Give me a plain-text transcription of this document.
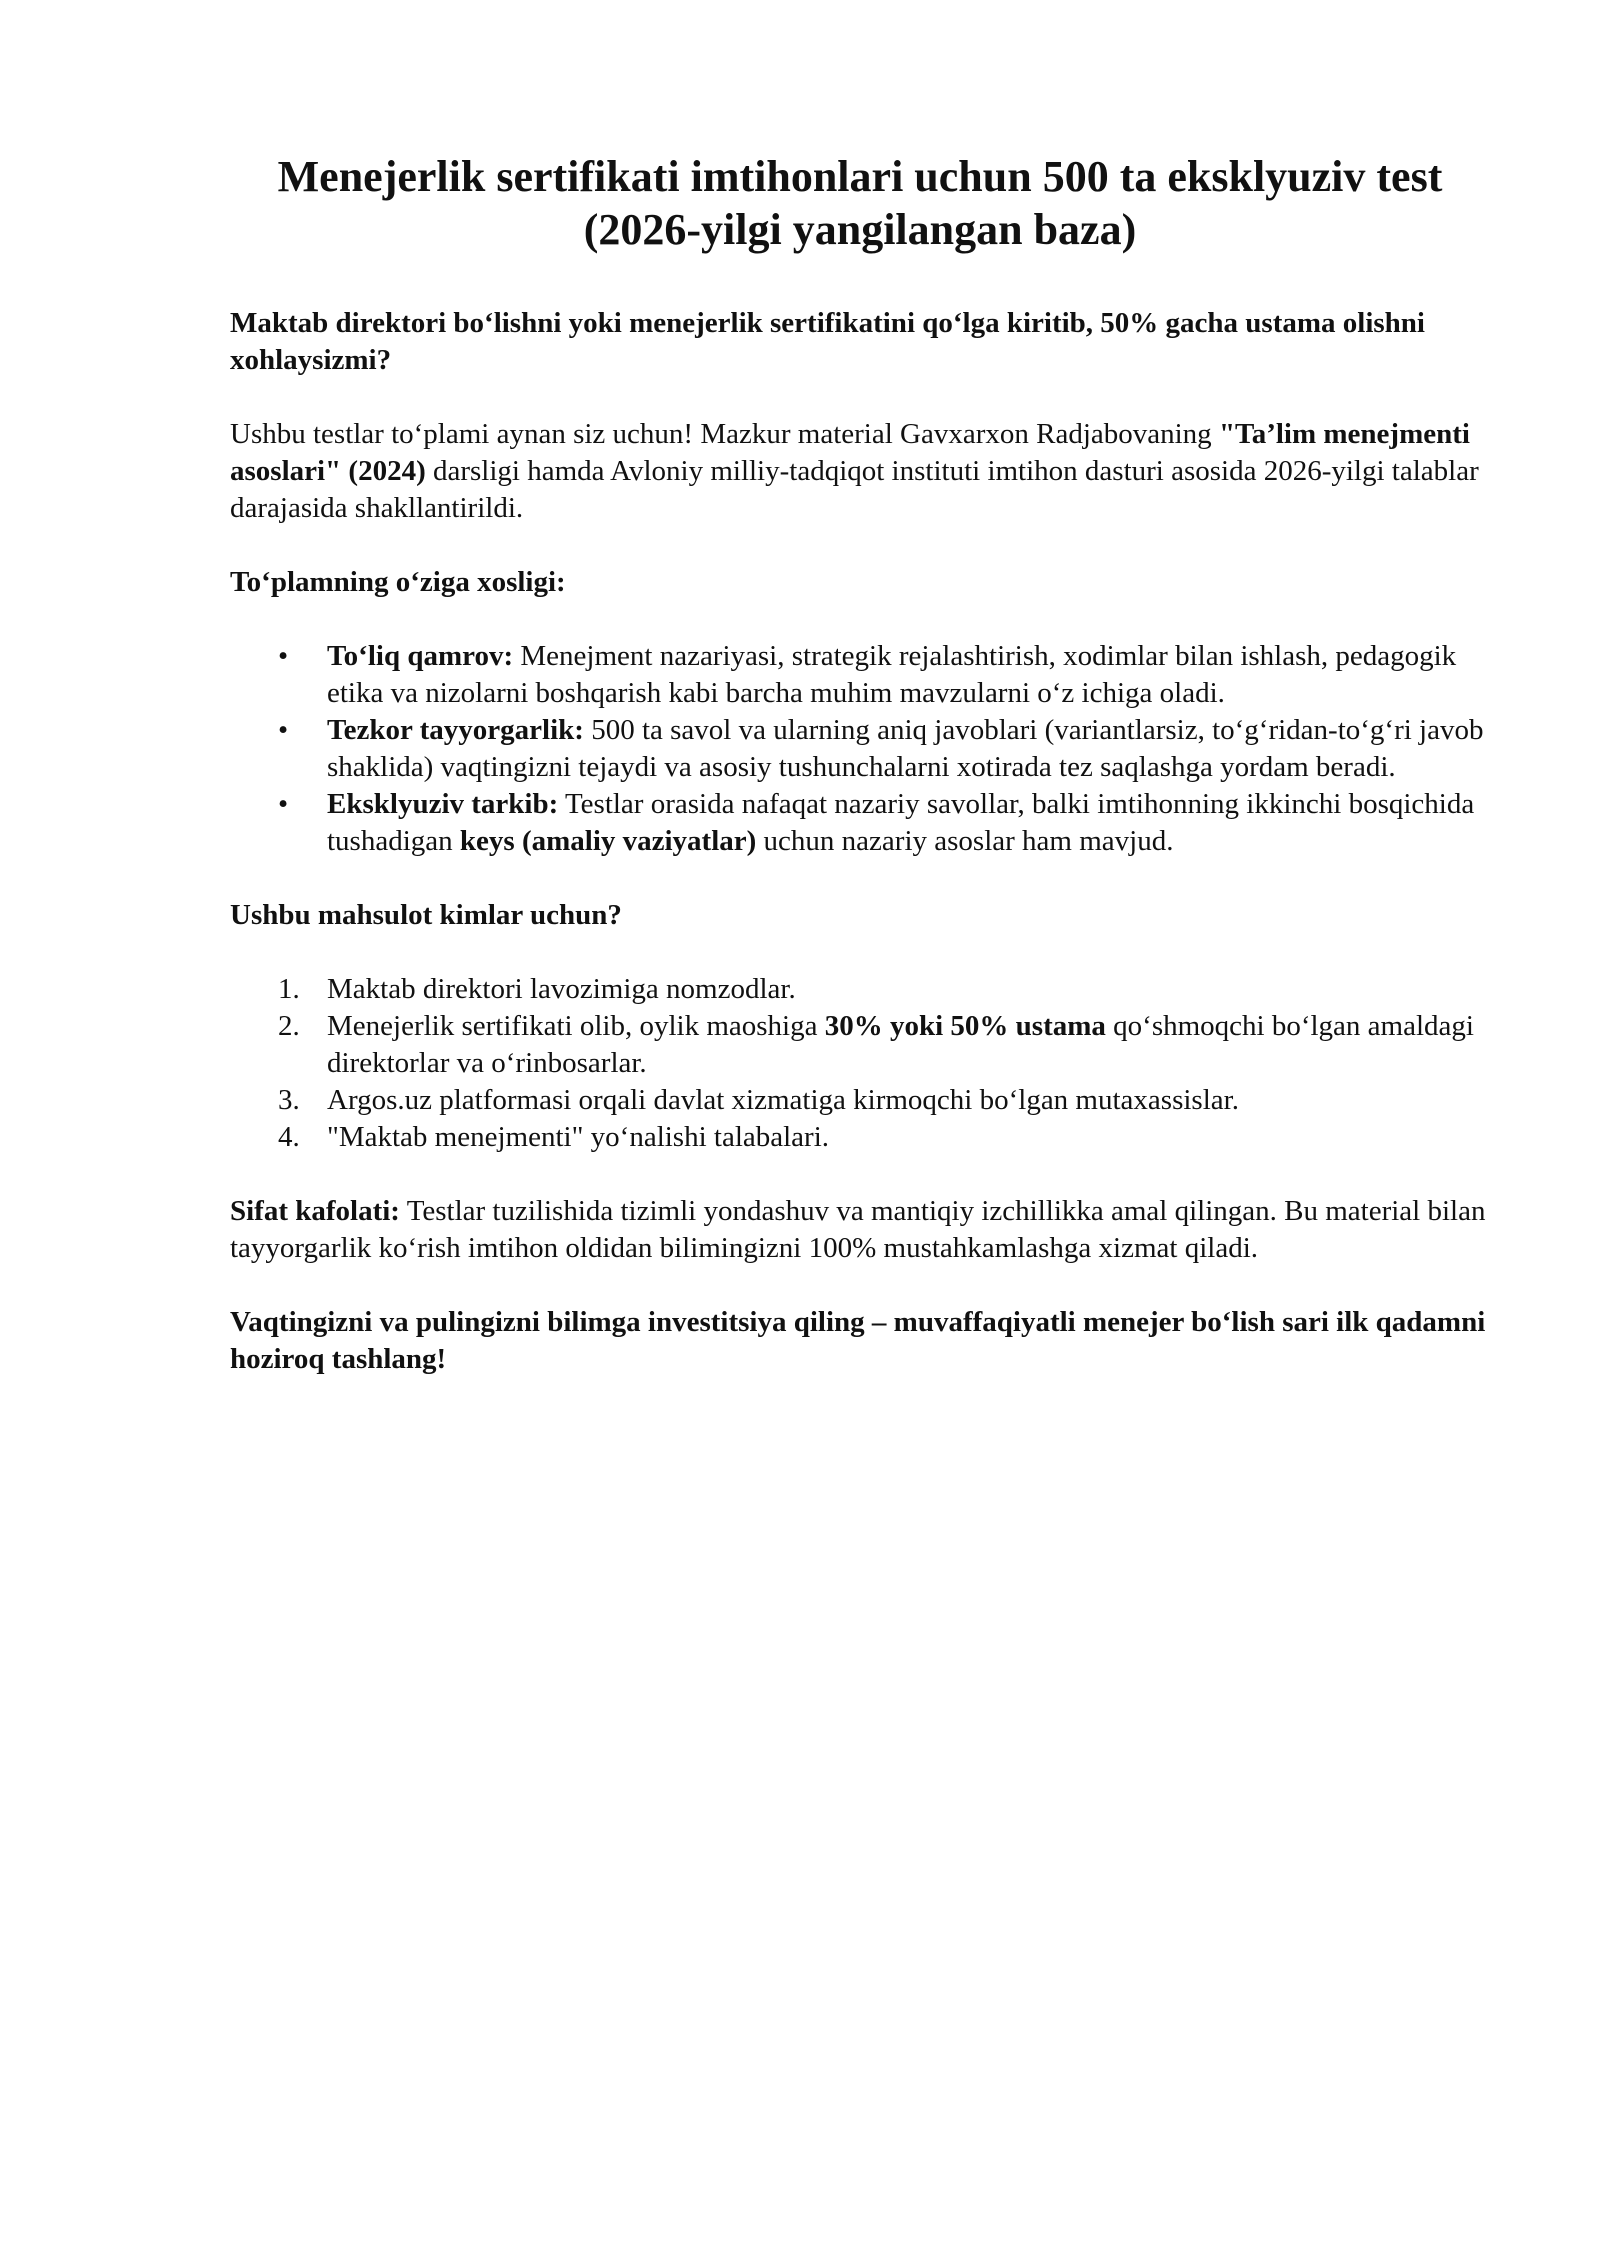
Menejerlik sertifikati imtihonlari uchun 500 ta eksklyuziv test (2026-yilgi yangilangan baza)

Maktab direktori bo‘lishni yoki menejerlik sertifikatini qo‘lga kiritib, 50% gacha ustama olishni xohlaysizmi?

Ushbu testlar to‘plami aynan siz uchun! Mazkur material Gavxarxon Radjabovaning "Ta’lim menejmenti asoslari" (2024) darsligi hamda Avloniy milliy-tadqiqot instituti imtihon dasturi asosida 2026-yilgi talablar darajasida shakllantirildi.

To‘plamning o‘ziga xosligi:

• To‘liq qamrov: Menejment nazariyasi, strategik rejalashtirish, xodimlar bilan ishlash, pedagogik etika va nizolarni boshqarish kabi barcha muhim mavzularni o‘z ichiga oladi.
• Tezkor tayyorgarlik: 500 ta savol va ularning aniq javoblari (variantlarsiz, to‘g‘ridan-to‘g‘ri javob shaklida) vaqtingizni tejaydi va asosiy tushunchalarni xotirada tez saqlashga yordam beradi.
• Eksklyuziv tarkib: Testlar orasida nafaqat nazariy savollar, balki imtihonning ikkinchi bosqichida tushadigan keys (amaliy vaziyatlar) uchun nazariy asoslar ham mavjud.

Ushbu mahsulot kimlar uchun?

1. Maktab direktori lavozimiga nomzodlar.
2. Menejerlik sertifikati olib, oylik maoshiga 30% yoki 50% ustama qo‘shmoqchi bo‘lgan amaldagi direktorlar va o‘rinbosarlar.
3. Argos.uz platformasi orqali davlat xizmatiga kirmoqchi bo‘lgan mutaxassislar.
4. "Maktab menejmenti" yo‘nalishi talabalari.

Sifat kafolati: Testlar tuzilishida tizimli yondashuv va mantiqiy izchillikka amal qilingan. Bu material bilan tayyorgarlik ko‘rish imtihon oldidan bilimingizni 100% mustahkamlashga xizmat qiladi.

Vaqtingizni va pulingizni bilimga investitsiya qiling – muvaffaqiyatli menejer bo‘lish sari ilk qadamni hoziroq tashlang!
